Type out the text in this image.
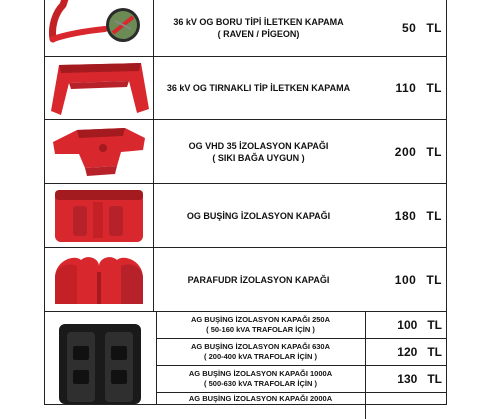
36 kV OG BORU TİPİ İLETKEN KAPAMA
( RAVEN / PİGEON)	50 TL
36 kV OG TIRNAKLI TİP İLETKEN KAPAMA	110 TL
OG VHD 35 İZOLASYON KAPAĞI
( SIKI BAĞA UYGUN )	200 TL
OG BUŞİNG İZOLASYON KAPAĞI	180 TL
PARAFUDR İZOLASYON KAPAĞI	100 TL
AG BUŞİNG İZOLASYON KAPAĞI 250A
( 50-160 kVA TRAFOLAR İÇİN )	100 TL
AG BUŞİNG İZOLASYON KAPAĞI 630A
( 200-400 kVA TRAFOLAR İÇİN )	120 TL
AG BUŞİNG İZOLASYON KAPAĞI 1000A
( 500-630 kVA TRAFOLAR İÇİN )	130 TL
AG BUŞİNG İZOLASYON KAPAĞI 2000A
